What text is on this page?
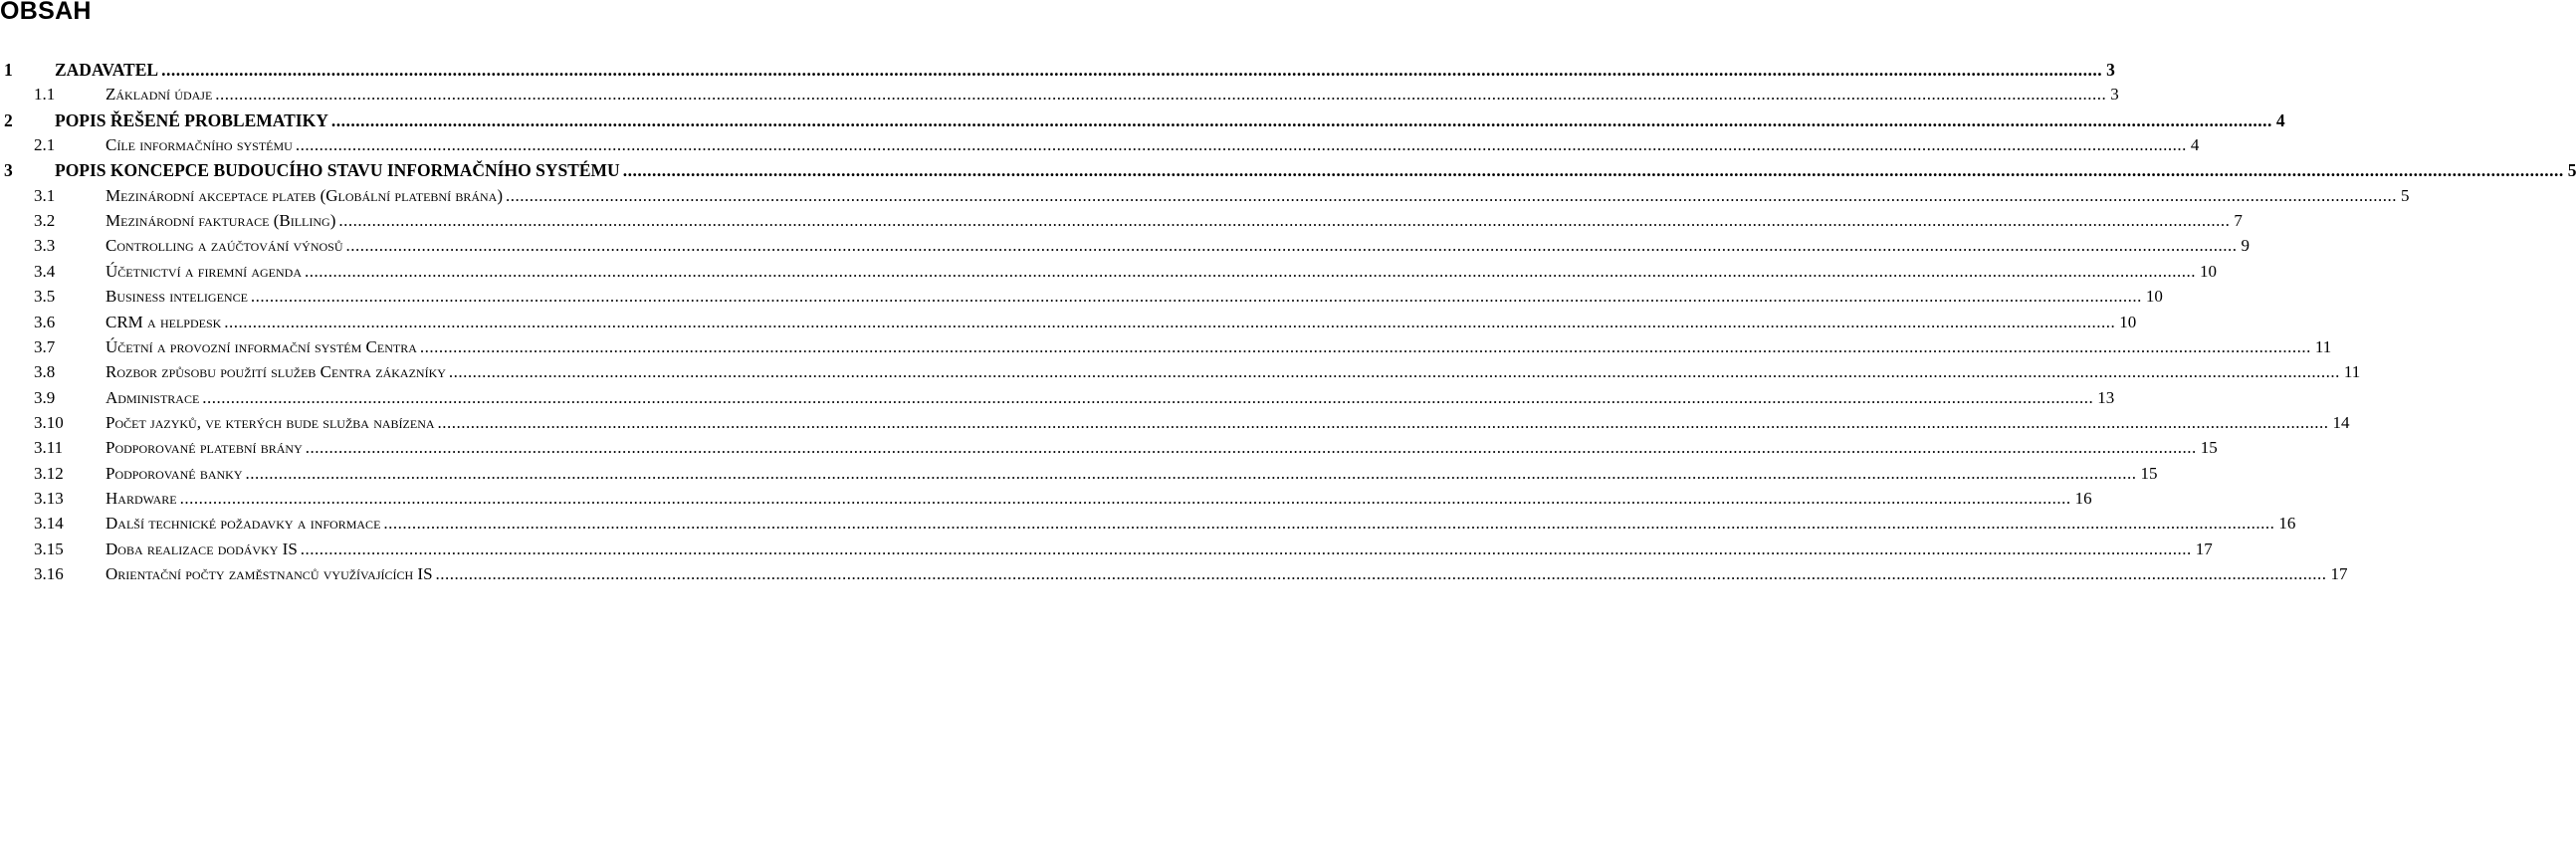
OBSAH
1 ZADAVATEL ................................................................................................................................................................................................................................................................................................................................................................................................................ 3
1.1	Základní údaje ................................................................................................................................................................................................................................................................................................................................................................................................................ 3
2 POPIS ŘEŠENÉ PROBLEMATIKY ................................................................................................................................................................................................................................................................................................................................................................................................................ 4
2.1	Cíle informačního systému ................................................................................................................................................................................................................................................................................................................................................................................................................ 4
3 POPIS KONCEPCE BUDOUCÍHO STAVU INFORMAČNÍHO SYSTÉMU ................................................................................................................................................................................................................................................................................................................................................................................................................ 5
3.1	Mezinárodní akceptace plateb (Globální platební brána) ................................................................................................................................................................................................................................................................................................................................................................................................................ 5
3.2	Mezinárodní fakturace (Billing) ................................................................................................................................................................................................................................................................................................................................................................................................................ 7
3.3	Controlling a zaúčtování výnosů ................................................................................................................................................................................................................................................................................................................................................................................................................ 9
3.4	Účetnictví a firemní agenda ................................................................................................................................................................................................................................................................................................................................................................................................................ 10
3.5	Business inteligence ................................................................................................................................................................................................................................................................................................................................................................................................................ 10
3.6	CRM a helpdesk ................................................................................................................................................................................................................................................................................................................................................................................................................ 10
3.7	Účetní a provozní informační systém Centra ................................................................................................................................................................................................................................................................................................................................................................................................................ 11
3.8	Rozbor způsobu použití služeb Centra zákazníky ................................................................................................................................................................................................................................................................................................................................................................................................................ 11
3.9	Administrace ................................................................................................................................................................................................................................................................................................................................................................................................................ 13
3.10 Počet jazyků, ve kterých bude služba nabízena ................................................................................................................................................................................................................................................................................................................................................................................................................ 14
3.11	Podporované platební brány ................................................................................................................................................................................................................................................................................................................................................................................................................ 15
3.12 Podporované banky ................................................................................................................................................................................................................................................................................................................................................................................................................ 15
3.13 Hardware ................................................................................................................................................................................................................................................................................................................................................................................................................ 16
3.14 Další technické požadavky a informace ................................................................................................................................................................................................................................................................................................................................................................................................................ 16
3.15 Doba realizace dodávky IS ................................................................................................................................................................................................................................................................................................................................................................................................................ 17
3.16 Orientační počty zaměstnanců využívajících IS ................................................................................................................................................................................................................................................................................................................................................................................................................ 17
